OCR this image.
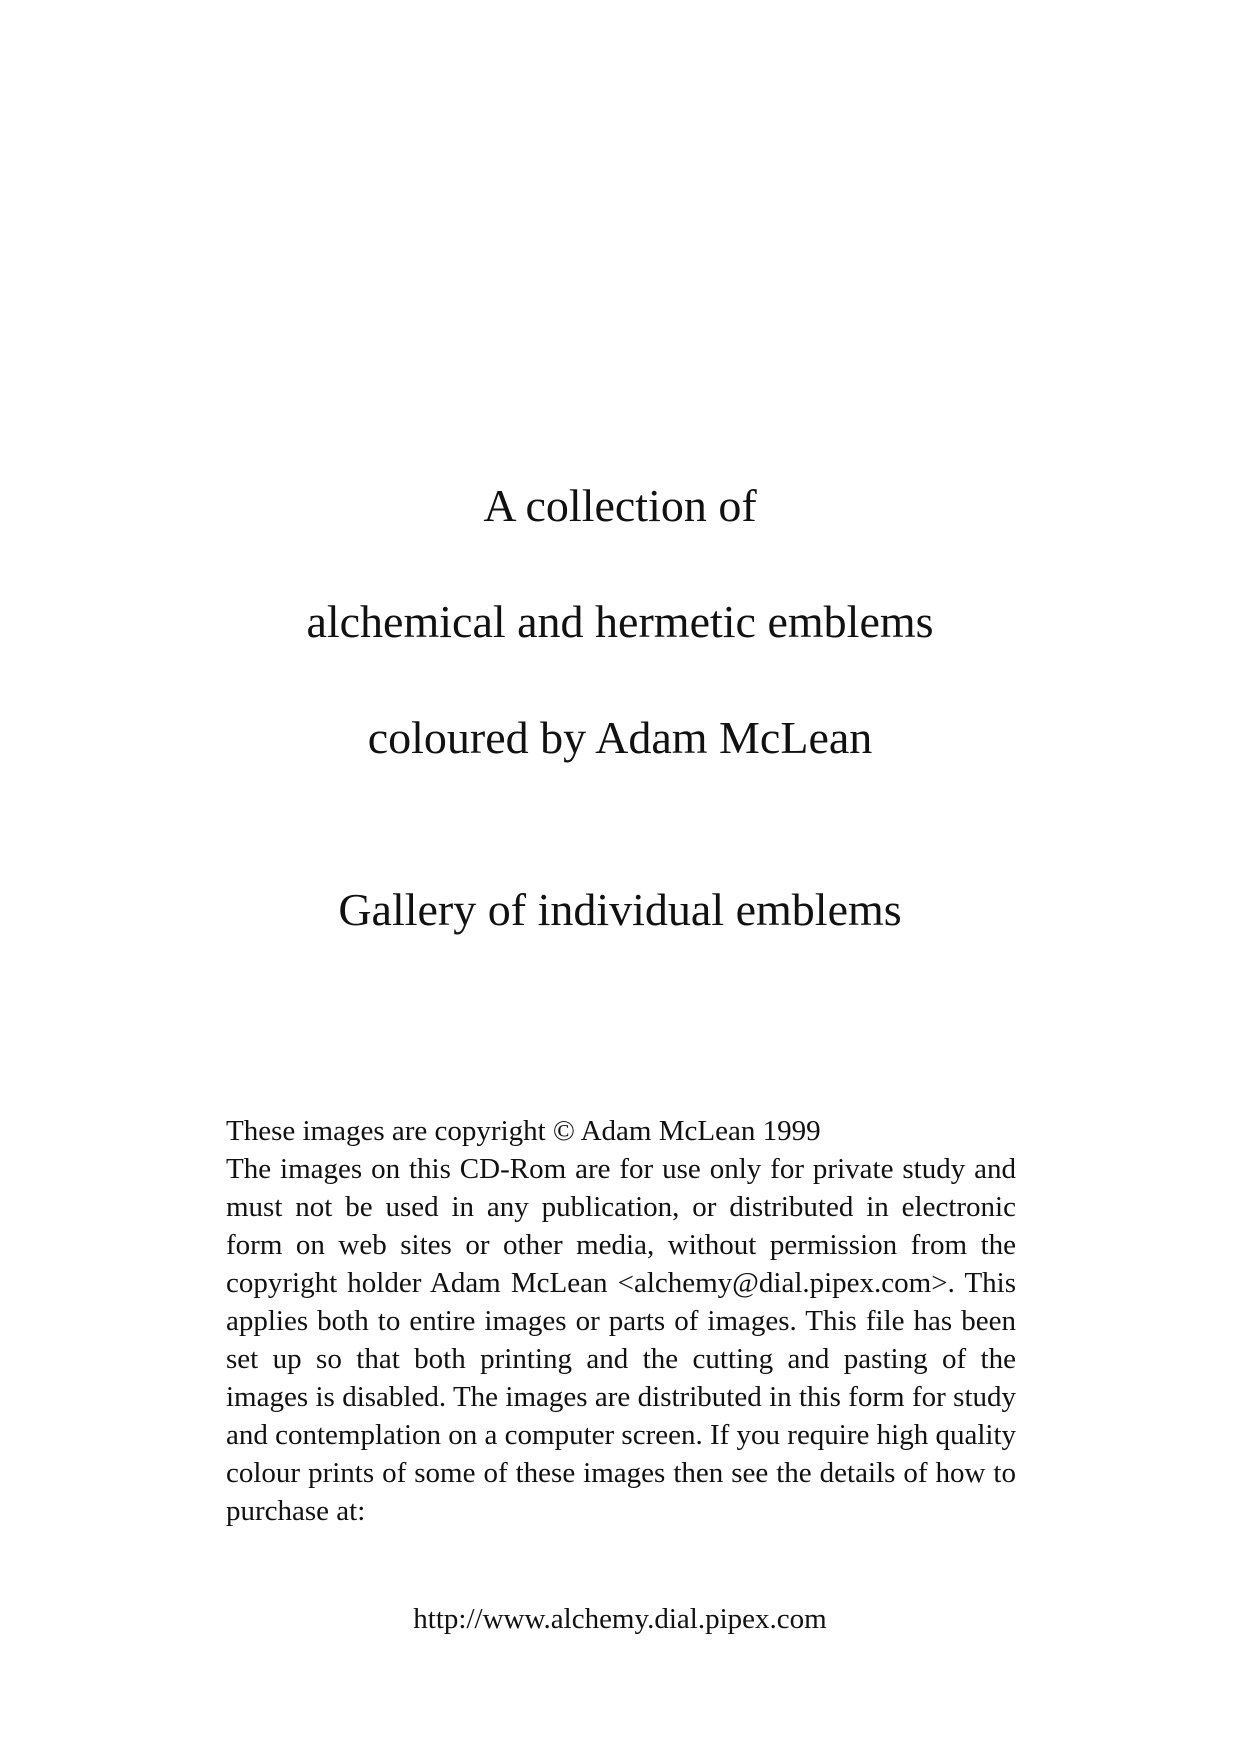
A collection of
alchemical and hermetic emblems
coloured by Adam McLean
Gallery of individual emblems

These images are copyright © Adam McLean 1999

The images on this CD-Rom are for use only for private study and must not be used in any publication, or distributed in electronic form on web sites or other media, without permission from the copyright holder Adam McLean <alchemy@dial.pipex.com>. This applies both to entire images or parts of images. This file has been set up so that both printing and the cutting and pasting of the images is disabled. The images are distributed in this form for study and contemplation on a computer screen. If you require high quality colour prints of some of these images then see the details of how to purchase at:

http://www.alchemy.dial.pipex.com
